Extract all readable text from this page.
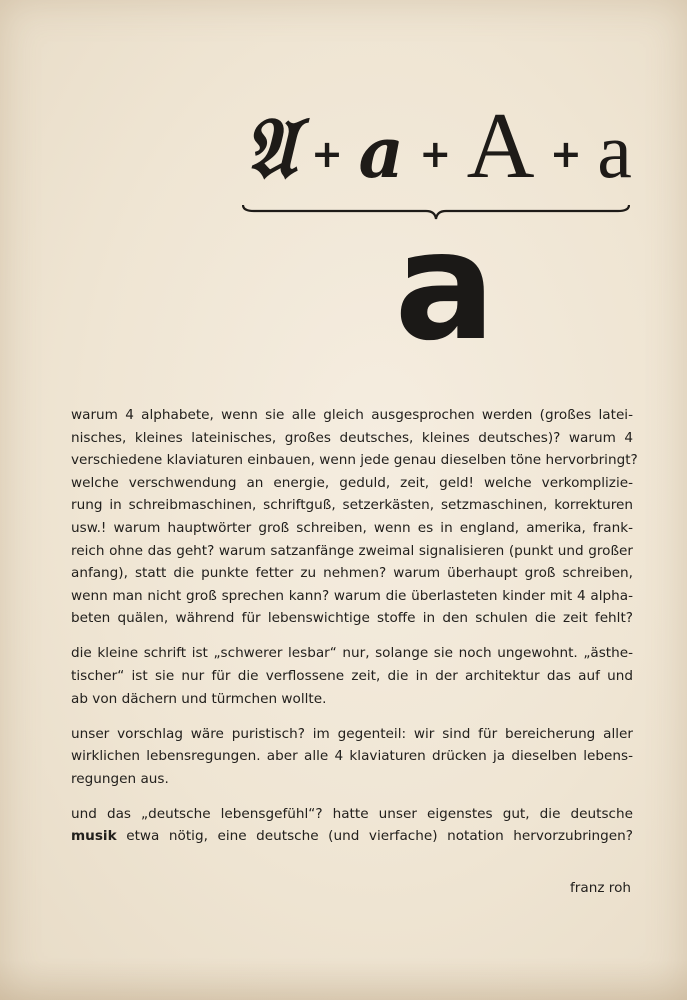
𝔄 + a + A + a
a
warum 4 alphabete, wenn sie alle gleich ausgesprochen werden (großes latei-
nisches, kleines lateinisches, großes deutsches, kleines deutsches)? warum 4
verschiedene klaviaturen einbauen, wenn jede genau dieselben töne hervorbringt?
welche verschwendung an energie, geduld, zeit, geld! welche verkomplizie-
rung in schreibmaschinen, schriftguß, setzerkästen, setzmaschinen, korrekturen
usw.! warum hauptwörter groß schreiben, wenn es in england, amerika, frank-
reich ohne das geht? warum satzanfänge zweimal signalisieren (punkt und großer
anfang), statt die punkte fetter zu nehmen? warum überhaupt groß schreiben,
wenn man nicht groß sprechen kann? warum die überlasteten kinder mit 4 alpha-
beten quälen, während für lebenswichtige stoffe in den schulen die zeit fehlt?
die kleine schrift ist „schwerer lesbar“ nur, solange sie noch ungewohnt. „ästhe-
tischer“ ist sie nur für die verflossene zeit, die in der architektur das auf und
ab von dächern und türmchen wollte.
unser vorschlag wäre puristisch? im gegenteil: wir sind für bereicherung aller
wirklichen lebensregungen. aber alle 4 klaviaturen drücken ja dieselben lebens-
regungen aus.
und das „deutsche lebensgefühl“? hatte unser eigenstes gut, die deutsche
musik etwa nötig, eine deutsche (und vierfache) notation hervorzubringen?
franz roh
